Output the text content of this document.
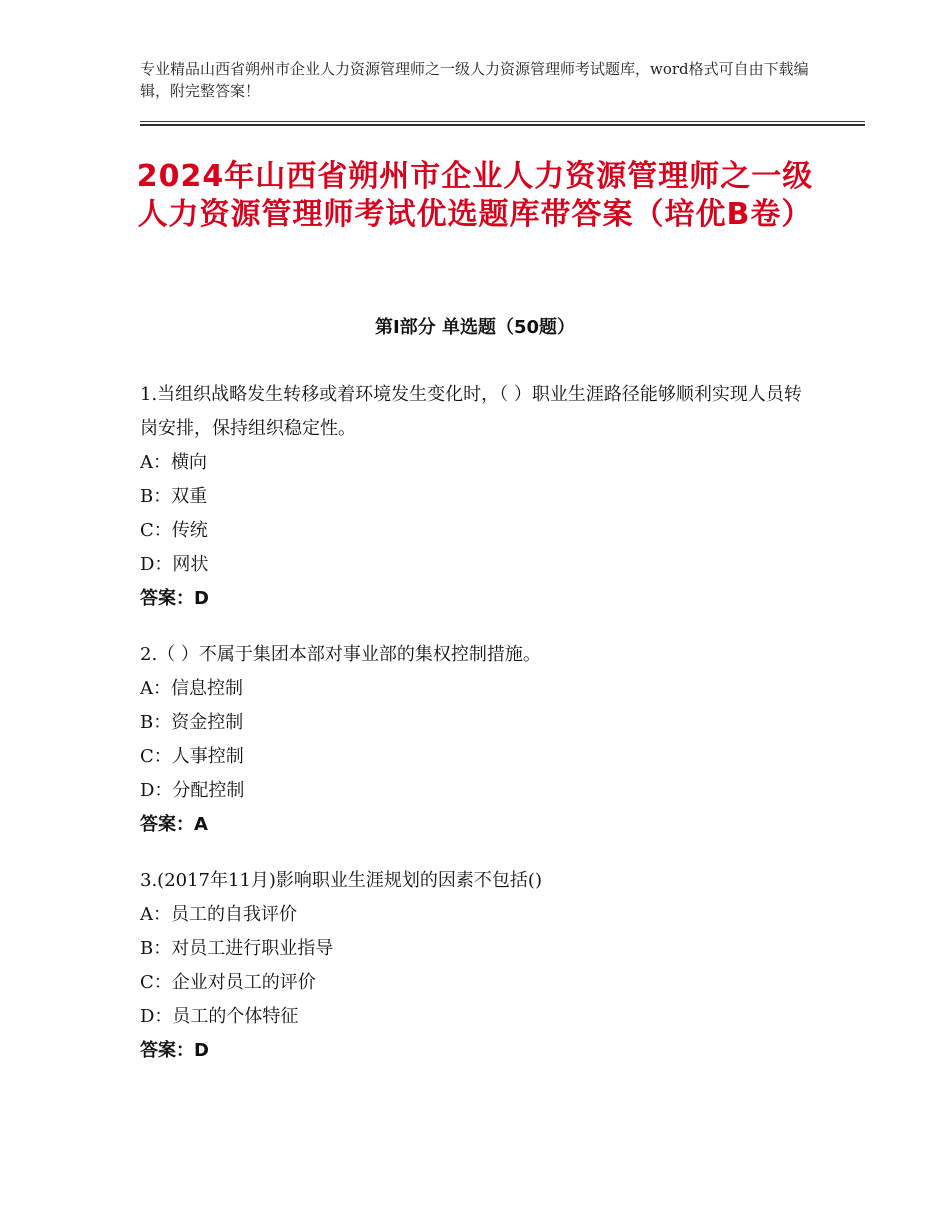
专业精品山西省朔州市企业人力资源管理师之一级人力资源管理师考试题库，word格式可自由下载编辑，附完整答案！
2024年山西省朔州市企业人力资源管理师之一级人力资源管理师考试优选题库带答案（培优B卷）
第Ⅰ部分 单选题（50题）
1.当组织战略发生转移或着环境发生变化时，（ ）职业生涯路径能够顺利实现人员转岗安排，保持组织稳定性。
A：横向
B：双重
C：传统
D：网状
答案：D
2.（ ）不属于集团本部对事业部的集权控制措施。
A：信息控制
B：资金控制
C：人事控制
D：分配控制
答案：A
3.(2017年11月)影响职业生涯规划的因素不包括()
A：员工的自我评价
B：对员工进行职业指导
C：企业对员工的评价
D：员工的个体特征
答案：D
